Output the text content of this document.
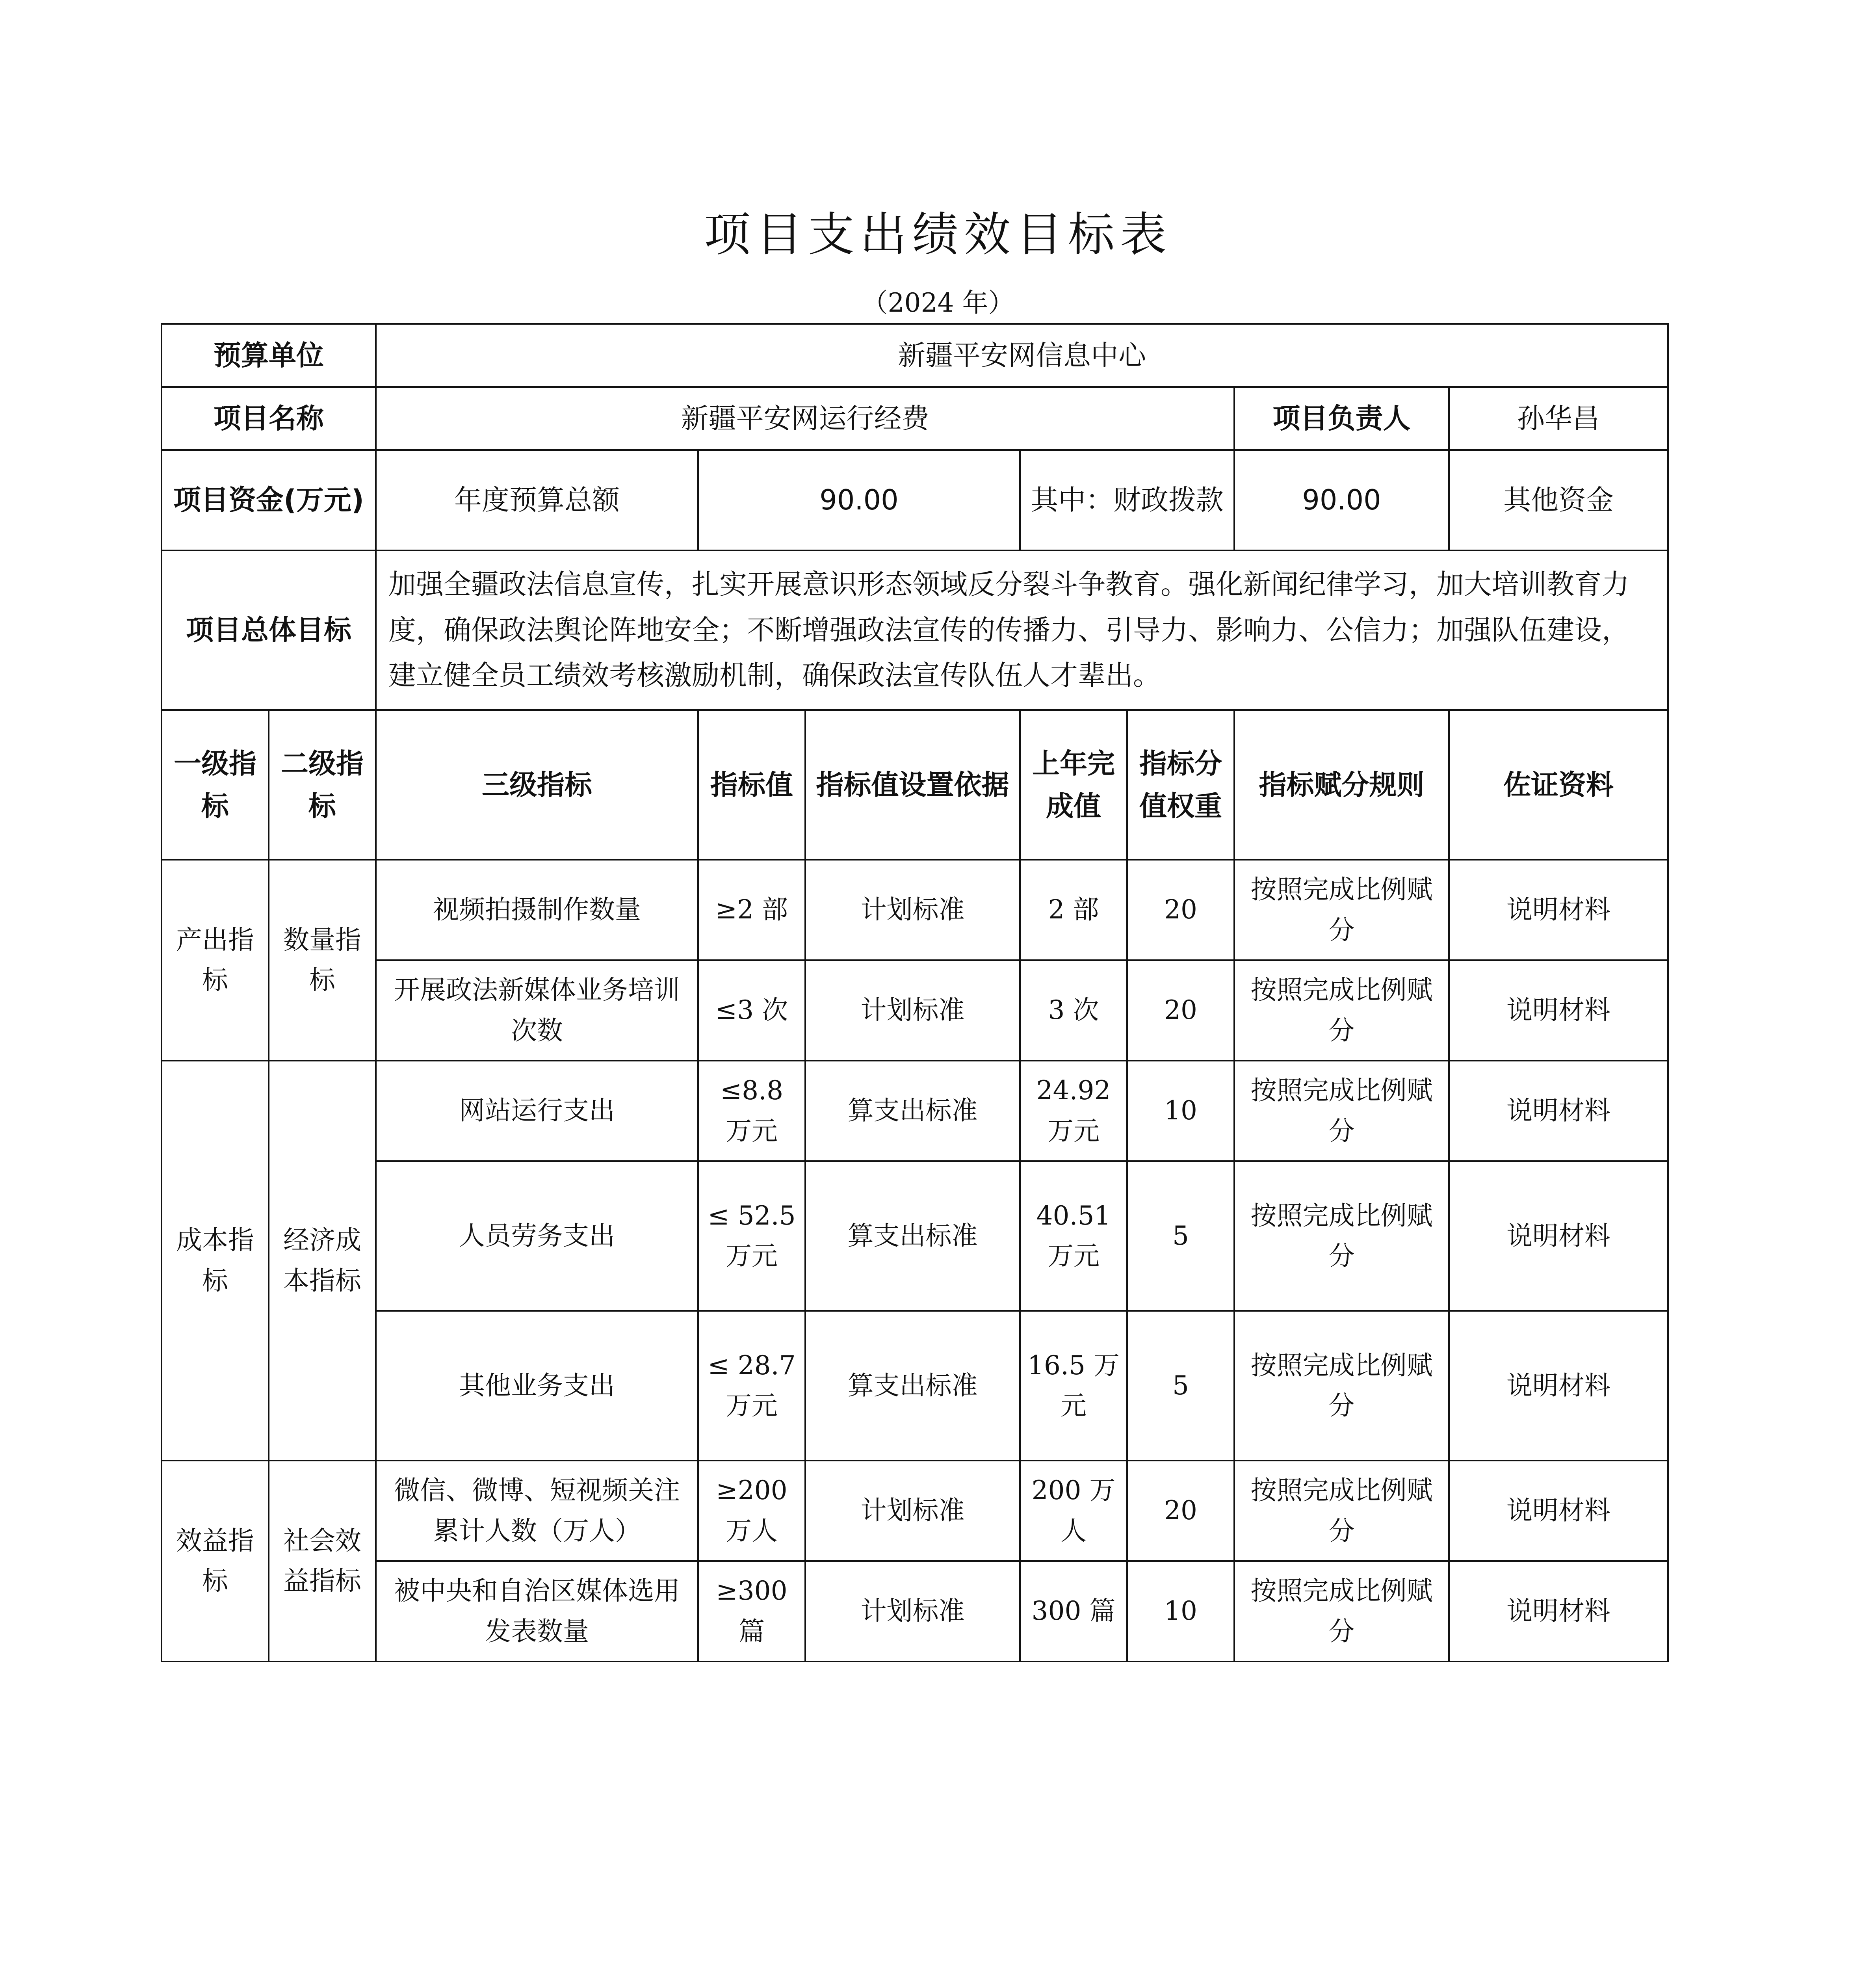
项目支出绩效目标表
（2024 年）
预算单位		新疆平安网信息中心						
项目名称		新疆平安网运行经费					项目负责人	孙华昌
项目资金(万元)		年度预算总额	90.00		其中：财政拨款		90.00	其他资金
项目总体目标		加强全疆政法信息宣传，扎实开展意识形态领域反分裂斗争教育。强化新闻纪律学习，加大培训教育力度，确保政法舆论阵地安全；不断增强政法宣传的传播力、引导力、影响力、公信力；加强队伍建设，建立健全员工绩效考核激励机制，确保政法宣传队伍人才辈出。						
一级指标	二级指标	三级指标	指标值	指标值设置依据	上年完成值	指标分值权重	指标赋分规则	佐证资料
产出指标	数量指标	视频拍摄制作数量	≥2 部	计划标准	2 部	20	按照完成比例赋分	说明材料
		开展政法新媒体业务培训次数	≤3 次	计划标准	3 次	20	按照完成比例赋分	说明材料
成本指标	经济成本指标	网站运行支出	≤8.8 万元	算支出标准	24.92 万元	10	按照完成比例赋分	说明材料
		人员劳务支出	≤ 52.5 万元	算支出标准	40.51 万元	5	按照完成比例赋分	说明材料
		其他业务支出	≤ 28.7 万元	算支出标准	16.5 万元	5	按照完成比例赋分	说明材料
效益指标	社会效益指标	微信、微博、短视频关注累计人数（万人）	≥200 万人	计划标准	200 万人	20	按照完成比例赋分	说明材料
		被中央和自治区媒体选用发表数量	≥300 篇	计划标准	300 篇	10	按照完成比例赋分	说明材料
